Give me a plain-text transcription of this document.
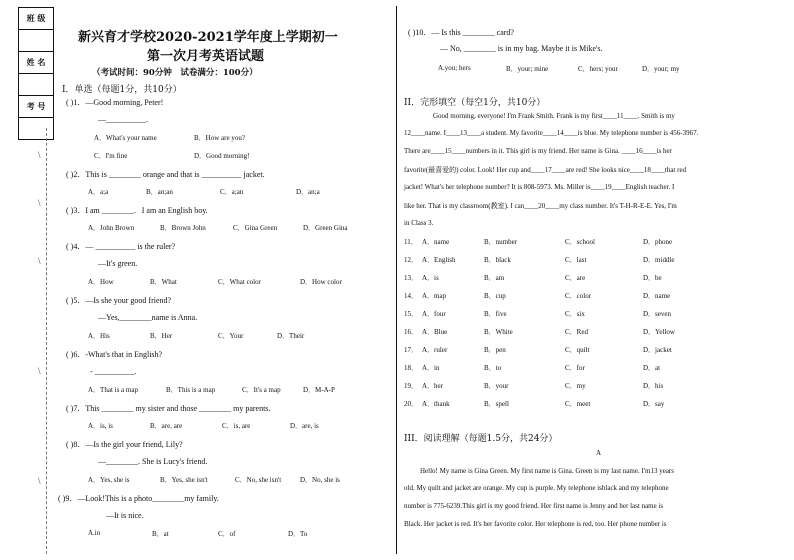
班 级

姓 名

考 号

\
\
\
\
\
新兴育才学校2020-2021学年度上学期初一
第一次月考英语试题
（考试时间：90分钟　试卷满分：100分）
I．单选（每题1分，共10分）
( )1．—Good morning, Peter!
—__________.
A．What's your name	B．How are you?
C．I'm fine	D．Good morning!
( )2．This is ________ orange and that is __________ jacket.
A．a;a	B．an;an	C．a;an	D．an;a
( )3．I am ________．I am an English boy.
A．John Brown	B．Brown John	C．Gina Green	D．Green Gina
( )4．— __________ is the ruler?
—It's green.
A．How	B．What	C．What color	D．How color
( )5．—Is she your good friend?
—Yes,________name is Anna.
A．His	B．Her	C．Your	D．Their
( )6．-What's that in English?
- __________.
A．That is a map	B．This is a map	C．It's a map	D．M-A-P
( )7．This ________ my sister and those ________ my parents.
A．is, is	B．are, are	C．is, are	D．are, is
( )8．—Is the girl your friend, Lily?
—________. She is Lucy's friend.
A．Yes, she is	B．Yes, she isn't	C．No, she isn't	D．No, she is
( )9．—Look!This is a photo________my family.
—It is nice.
A.in	B．at	C．of	D．To
( )10．— Is this ________ card?
— No, ________ is in my bag. Maybe it is Mike's.
A.you; hers	B．your; mine	C．hers; your	D．your; my
II．完形填空（每空1分，共10分）
Good morning, everyone! I'm Frank Smith. Frank is my first____11____. Smith is my
12____name. I____13____a student. My favorite____14____is blue. My telephone number is 456-3967.
There are____15____numbers in it. This girl is my friend. Her name is Gina. ____16____is her
favorite(最喜爱的) color. Look! Her cup and____17____are red! She looks nice____18____that red
jacket! What's her telephone number? It is 808-5973. Ms. Miller is____19____English teacher. I
like her. That is my classroom(教室). I can____20____my class number. It's T-H-R-E-E. Yes, I'm
in Class 3.
11． A．name	B．number	C．school	D．phone
12． A．English	B．black	C．last	D．middle
13． A．is	B．am	C．are	D．be
14． A．map	B．cup	C．color	D．name
15． A．four	B．five	C．six	D．seven
16． A．Blue	B．White	C．Red	D．Yellow
17． A．ruler	B．pen	C．quilt	D．jacket
18． A．in	B．to	C．for	D．at
19． A．her	B．your	C．my	D．his
20． A．thank	B．spell	C．meet	D．say
III．阅读理解（每题1.5分，共24分）
A
Hello! My name is Gina Green. My first name is Gina. Green is my last name. I'm13 years
old. My quilt and jacket are orange. My cup is purple. My telephone isblack and my telephone
number is 775-6239.This girl is my good friend. Her first name is Jenny and her last name is
Black. Her jacket is red. It's her favorite color. Her telephone is red, too. Her phone number is
